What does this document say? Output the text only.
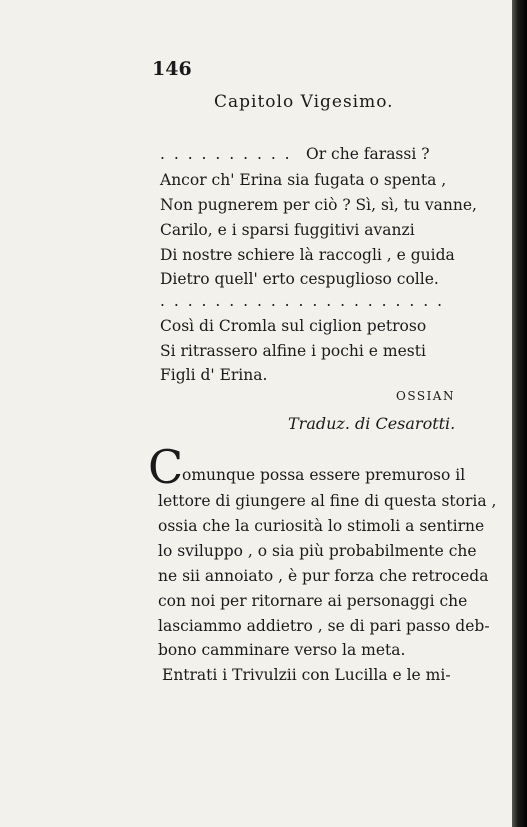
146
Capitolo Vigesimo.
. . . . . . . . . . Or che farassi ?
Ancor ch' Erina sia fugata o spenta ,
Non pugnerem per ciò ? Sì, sì, tu vanne,
Carilo, e i sparsi fuggitivi avanzi
Di nostre schiere là raccogli , e guida
Dietro quell' erto cespuglioso colle.
. . . . . . . . . . . . . . . . . . . . .
Così di Cromla sul ciglion petroso
Si ritrassero alfine i pochi e mesti
Figli d' Erina.
OSSIAN
Traduz. di Cesarotti.
C
omunque possa essere premuroso il
lettore di giungere al fine di questa storia ,
ossia che la curiosità lo stimoli a sentirne
lo sviluppo , o sia più probabilmente che
ne sii annoiato , è pur forza che retroceda
con noi per ritornare ai personaggi che
lasciammo addietro , se di pari passo deb-
bono camminare verso la meta.
Entrati i Trivulzii con Lucilla e le mi-
